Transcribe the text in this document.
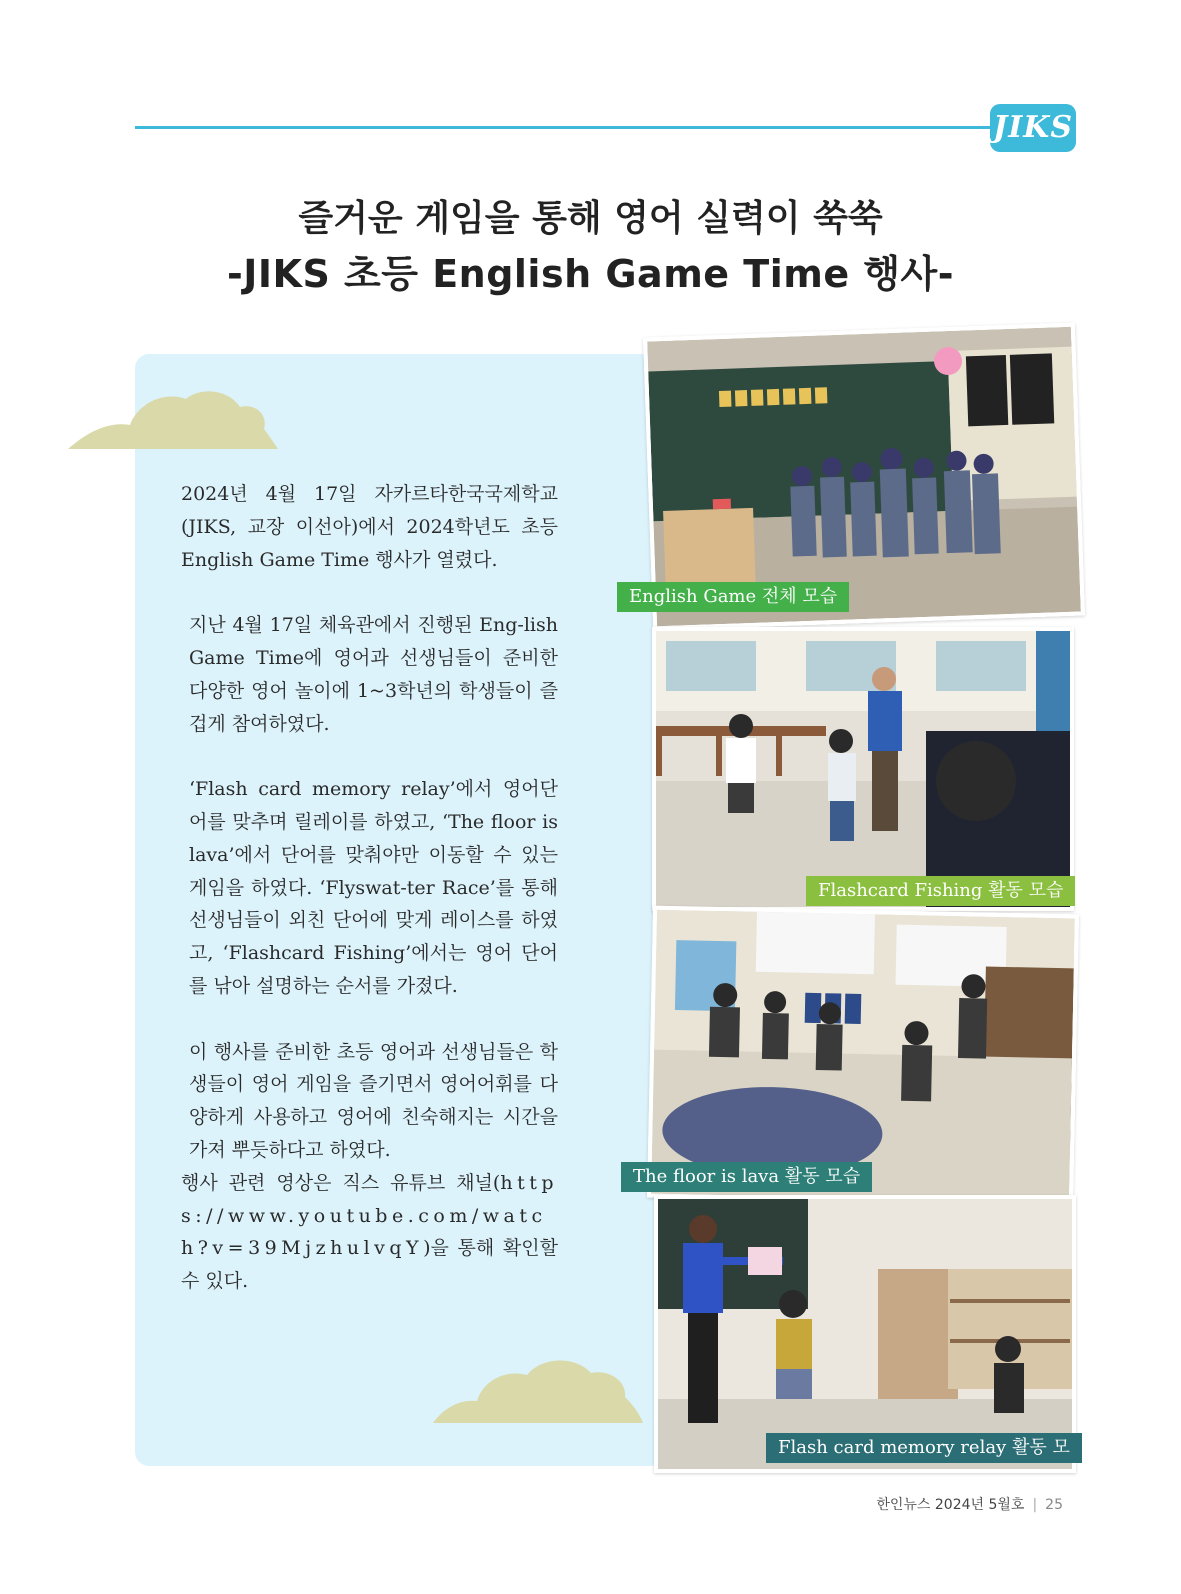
JIKS
즐거운 게임을 통해 영어 실력이 쑥쑥
-JIKS 초등 English Game Time 행사-

2024년 4월 17일 자카르타한국국제학교(JIKS, 교장 이선아)에서 2024학년도 초등 English Game Time 행사가 열렸다.

지난 4월 17일 체육관에서 진행된 Eng-lish Game Time에 영어과 선생님들이 준비한 다양한 영어 놀이에 1~3학년의 학생들이 즐겁게 참여하였다.

‘Flash card memory relay’에서 영어단어를 맞추며 릴레이를 하였고, ‘The floor is lava’에서 단어를 맞춰야만 이동할 수 있는 게임을 하였다. ‘Flyswat-ter Race’를 통해 선생님들이 외친 단어에 맞게 레이스를 하였고, ‘Flashcard Fishing’에서는 영어 단어를 낚아 설명하는 순서를 가졌다.

이 행사를 준비한 초등 영어과 선생님들은 학생들이 영어 게임을 즐기면서 영어어휘를 다양하게 사용하고 영어에 친숙해지는 시간을 가져 뿌듯하다고 하였다.

행사 관련 영상은 직스 유튜브 채널(https://www.youtube.com/watch?v=39MjzhulvqY)을 통해 확인할 수 있다.

English Game 전체 모습
Flashcard Fishing 활동 모습
The floor is lava 활동 모습
Flash card memory relay 활동 모
한인뉴스 2024년 5월호 | 25
